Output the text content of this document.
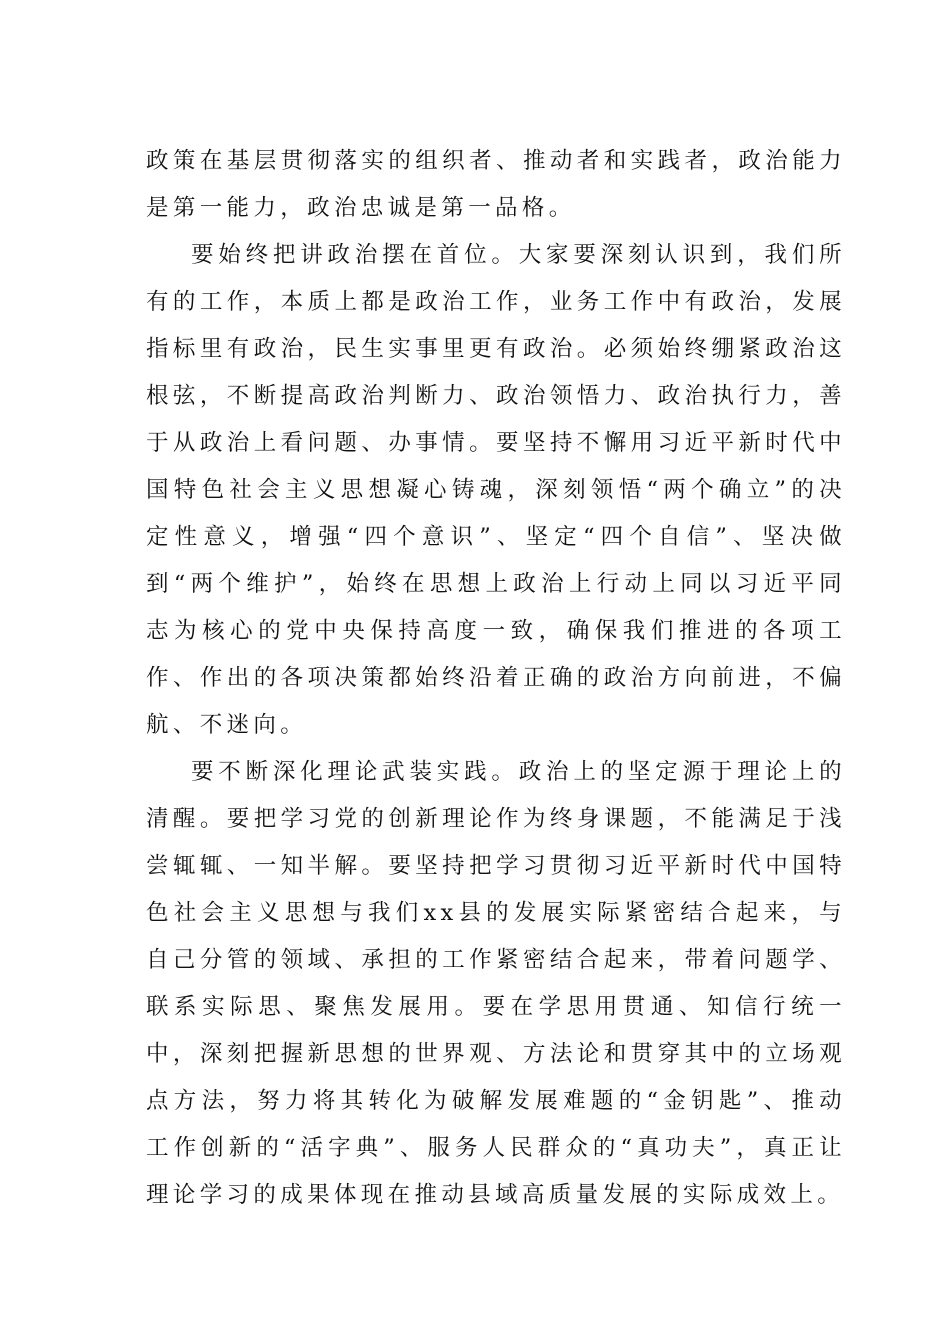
政策在基层贯彻落实的组织者、推动者和实践者，政治能力是第一能力，政治忠诚是第一品格。

要始终把讲政治摆在首位。大家要深刻认识到，我们所有的工作，本质上都是政治工作，业务工作中有政治，发展指标里有政治，民生实事里更有政治。必须始终绷紧政治这根弦，不断提高政治判断力、政治领悟力、政治执行力，善于从政治上看问题、办事情。要坚持不懈用习近平新时代中国特色社会主义思想凝心铸魂，深刻领悟“两个确立”的决定性意义，增强“四个意识”、坚定“四个自信”、坚决做到“两个维护”，始终在思想上政治上行动上同以习近平同志为核心的党中央保持高度一致，确保我们推进的各项工作、作出的各项决策都始终沿着正确的政治方向前进，不偏航、不迷向。

要不断深化理论武装实践。政治上的坚定源于理论上的清醒。要把学习党的创新理论作为终身课题，不能满足于浅尝辄辄、一知半解。要坚持把学习贯彻习近平新时代中国特色社会主义思想与我们xx县的发展实际紧密结合起来，与自己分管的领域、承担的工作紧密结合起来，带着问题学、联系实际思、聚焦发展用。要在学思用贯通、知信行统一中，深刻把握新思想的世界观、方法论和贯穿其中的立场观点方法，努力将其转化为破解发展难题的“金钥匙”、推动工作创新的“活字典”、服务人民群众的“真功夫”，真正让理论学习的成果体现在推动县域高质量发展的实际成效上。
